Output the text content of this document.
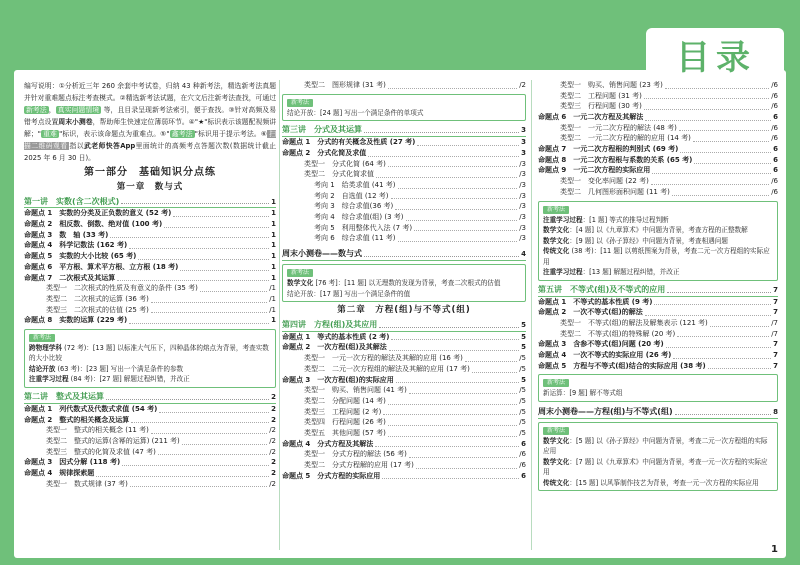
目录
编写说明：①分析近三年 260 余套中考试卷，归纳 43 种新考法，精选新考法真题并针对重难题点标注考查模式。②精选新考法试题，在穴文后注新考法查找，可通过 新考法 ， 真实问题情境 等，且目录呈现新考法索引，便于查找。③针对高频及易错考点设置周末小测卷，帮助师生快速定位薄弱环节。④"★"标识表示该题配视频讲解；" 重难 "标识，表示该命题点为重难点。⑤" 鑫考法 "标识用于提示考法。⑥ 扫描二维码观看 指以武老师快答App里面统计的高频考点答题次数(数据统计截止 2025 年 6 月 30 日)。
第一部分　基础知识分点练
第一章　数与式
第一讲　实数(含二次根式)	1
命题点 1　实数的分类及正负数的意义 (52 考)	1
命题点 2　相反数、倒数、绝对值 (100 考)	1
命题点 3　数　轴 (33 考)	1
命题点 4　科学记数法 (162 考)	1
命题点 5　实数的大小比较 (65 考)	1
命题点 6　平方根、算术平方根、立方根 (18 考)	1
命题点 7　二次根式及其运算	1
类型一　二次根式的性质及有意义的条件 (35 考)	/1
类型二　二次根式的运算 (36 考)	/1
类型三　二次根式的估值 (25 考)	/1
命题点 8　实数的运算 (229 考)	1
新考法
跨物理学科 (72 考)：[13 题] 以标准大气压下，四种晶体的熔点为背景，考查实数的大小比较
结论开放 (63 考)：[23 题] 写出一个满足条件的参数
注重学习过程 (84 考)：[27 题] 解题过程纠错，并改正
第二讲　整式及其运算	2
命题点 1　列代数式及代数式求值 (54 考)	2
命题点 2　整式的相关概念及运算	2
类型一　整式的相关概念 (11 考)	/2
类型二　整式的运算(含幂的运算) (211 考)	/2
类型三　整式的化简及求值 (47 考)	/2
命题点 3　因式分解 (118 考)	2
命题点 4　规律探索题	2
类型一　数式规律 (37 考)	/2
类型二　图形规律 (31 考)	/2
新考法
结论开放：[24 题] 写出一个满足条件的单项式
第三讲　分式及其运算	3
命题点 1　分式的有关概念及性质 (27 考)	3
命题点 2　分式化简及求值	3
类型一　分式化简 (64 考)	/3
类型二　分式化简求值	/3
考向 1　给类求值 (41 考)	/3
考向 2　自选值 (12 考)	/3
考向 3　综合求值(36 考)	/3
考向 4　综合求值(组) (3 考)	/3
考向 5　利用整体代入法 (7 考)	/3
考向 6　综合求值 (11 考)	/3
周末小测卷——数与式	4
新考法
数学文化 [76 考]：[11 题] 以无理数的发现为背景，考查二次根式的估值
结论开放：[17 题] 写出一个满足条件的值
第二章　方程(组)与不等式(组)
第四讲　方程(组)及其应用	5
命题点 1　等式的基本性质 (2 考)	5
命题点 2　一次方程(组)及其解法	5
类型一　一元一次方程的解法及其解的应用 (16 考)	/5
类型二　二元一次方程组的解法及其解的应用 (17 考)	/5
命题点 3　一次方程(组)的实际应用	5
类型一　购买、销售问题 (41 考)	/5
类型二　分配问题 (14 考)	/5
类型三　工程问题 (2 考)	/5
类型四　行程问题 (26 考)	/5
类型五　其他问题 (57 考)	/5
命题点 4　分式方程及其解法	6
类型一　分式方程的解法 (56 考)	/6
类型二　分式方程解的应用 (17 考)	/6
命题点 5　分式方程的实际应用	6
类型一　购买、销售问题 (23 考)	/6
类型二　工程问题 (31 考)	/6
类型三　行程问题 (30 考)	/6
命题点 6　一元二次方程及其解法	6
类型一　一元二次方程的解法 (48 考)	/6
类型二　一元二次方程的解的应用 (14 考)	/6
命题点 7　一元二次方程根的判别式 (69 考)	6
命题点 8　一元二次方程根与系数的关系 (65 考)	6
命题点 9　一元二次方程的实际应用	6
类型一　变化率问题 (22 考)	/6
类型二　几何图形面积问题 (11 考)	/6
新考法
注重学习过程：[1 题] 等式的推导过程判断
数学文化：[4 题] 以《九章算术》中问题为背景，考查方程的正整数解
数学文化：[9 题] 以《孙子算经》中问题为背景，考查相遇问题
传统文化 (38 考)：[11 题] 以剪纸图案为背景，考查二元一次方程组的实际应用
注重学习过程：[13 题] 解题过程纠错，并改正
第五讲　不等式(组)及不等式的应用	7
命题点 1　不等式的基本性质 (9 考)	7
命题点 2　一次不等式(组)的解法	7
类型一　不等式(组)的解法及解集表示 (121 考)	/7
类型二　不等式(组)的特殊解 (20 考)	/7
命题点 3　含参不等式(组)问题 (20 考)	7
命题点 4　一次不等式的实际应用 (26 考)	7
命题点 5　方程与不等式(组)结合的实际应用 (38 考)	7
新考法
新运算：[9 题] 解不等式组
周末小测卷——方程(组)与不等式(组)	8
新考法
数学文化：[5 题] 以《孙子算经》中问题为背景，考查二元一次方程组的实际应用
数学文化：[7 题] 以《九章算术》中问题为背景，考查一元一次方程的实际应用
传统文化：[15 题] 以风筝制作技艺为背景，考查一元一次方程的实际应用
1
